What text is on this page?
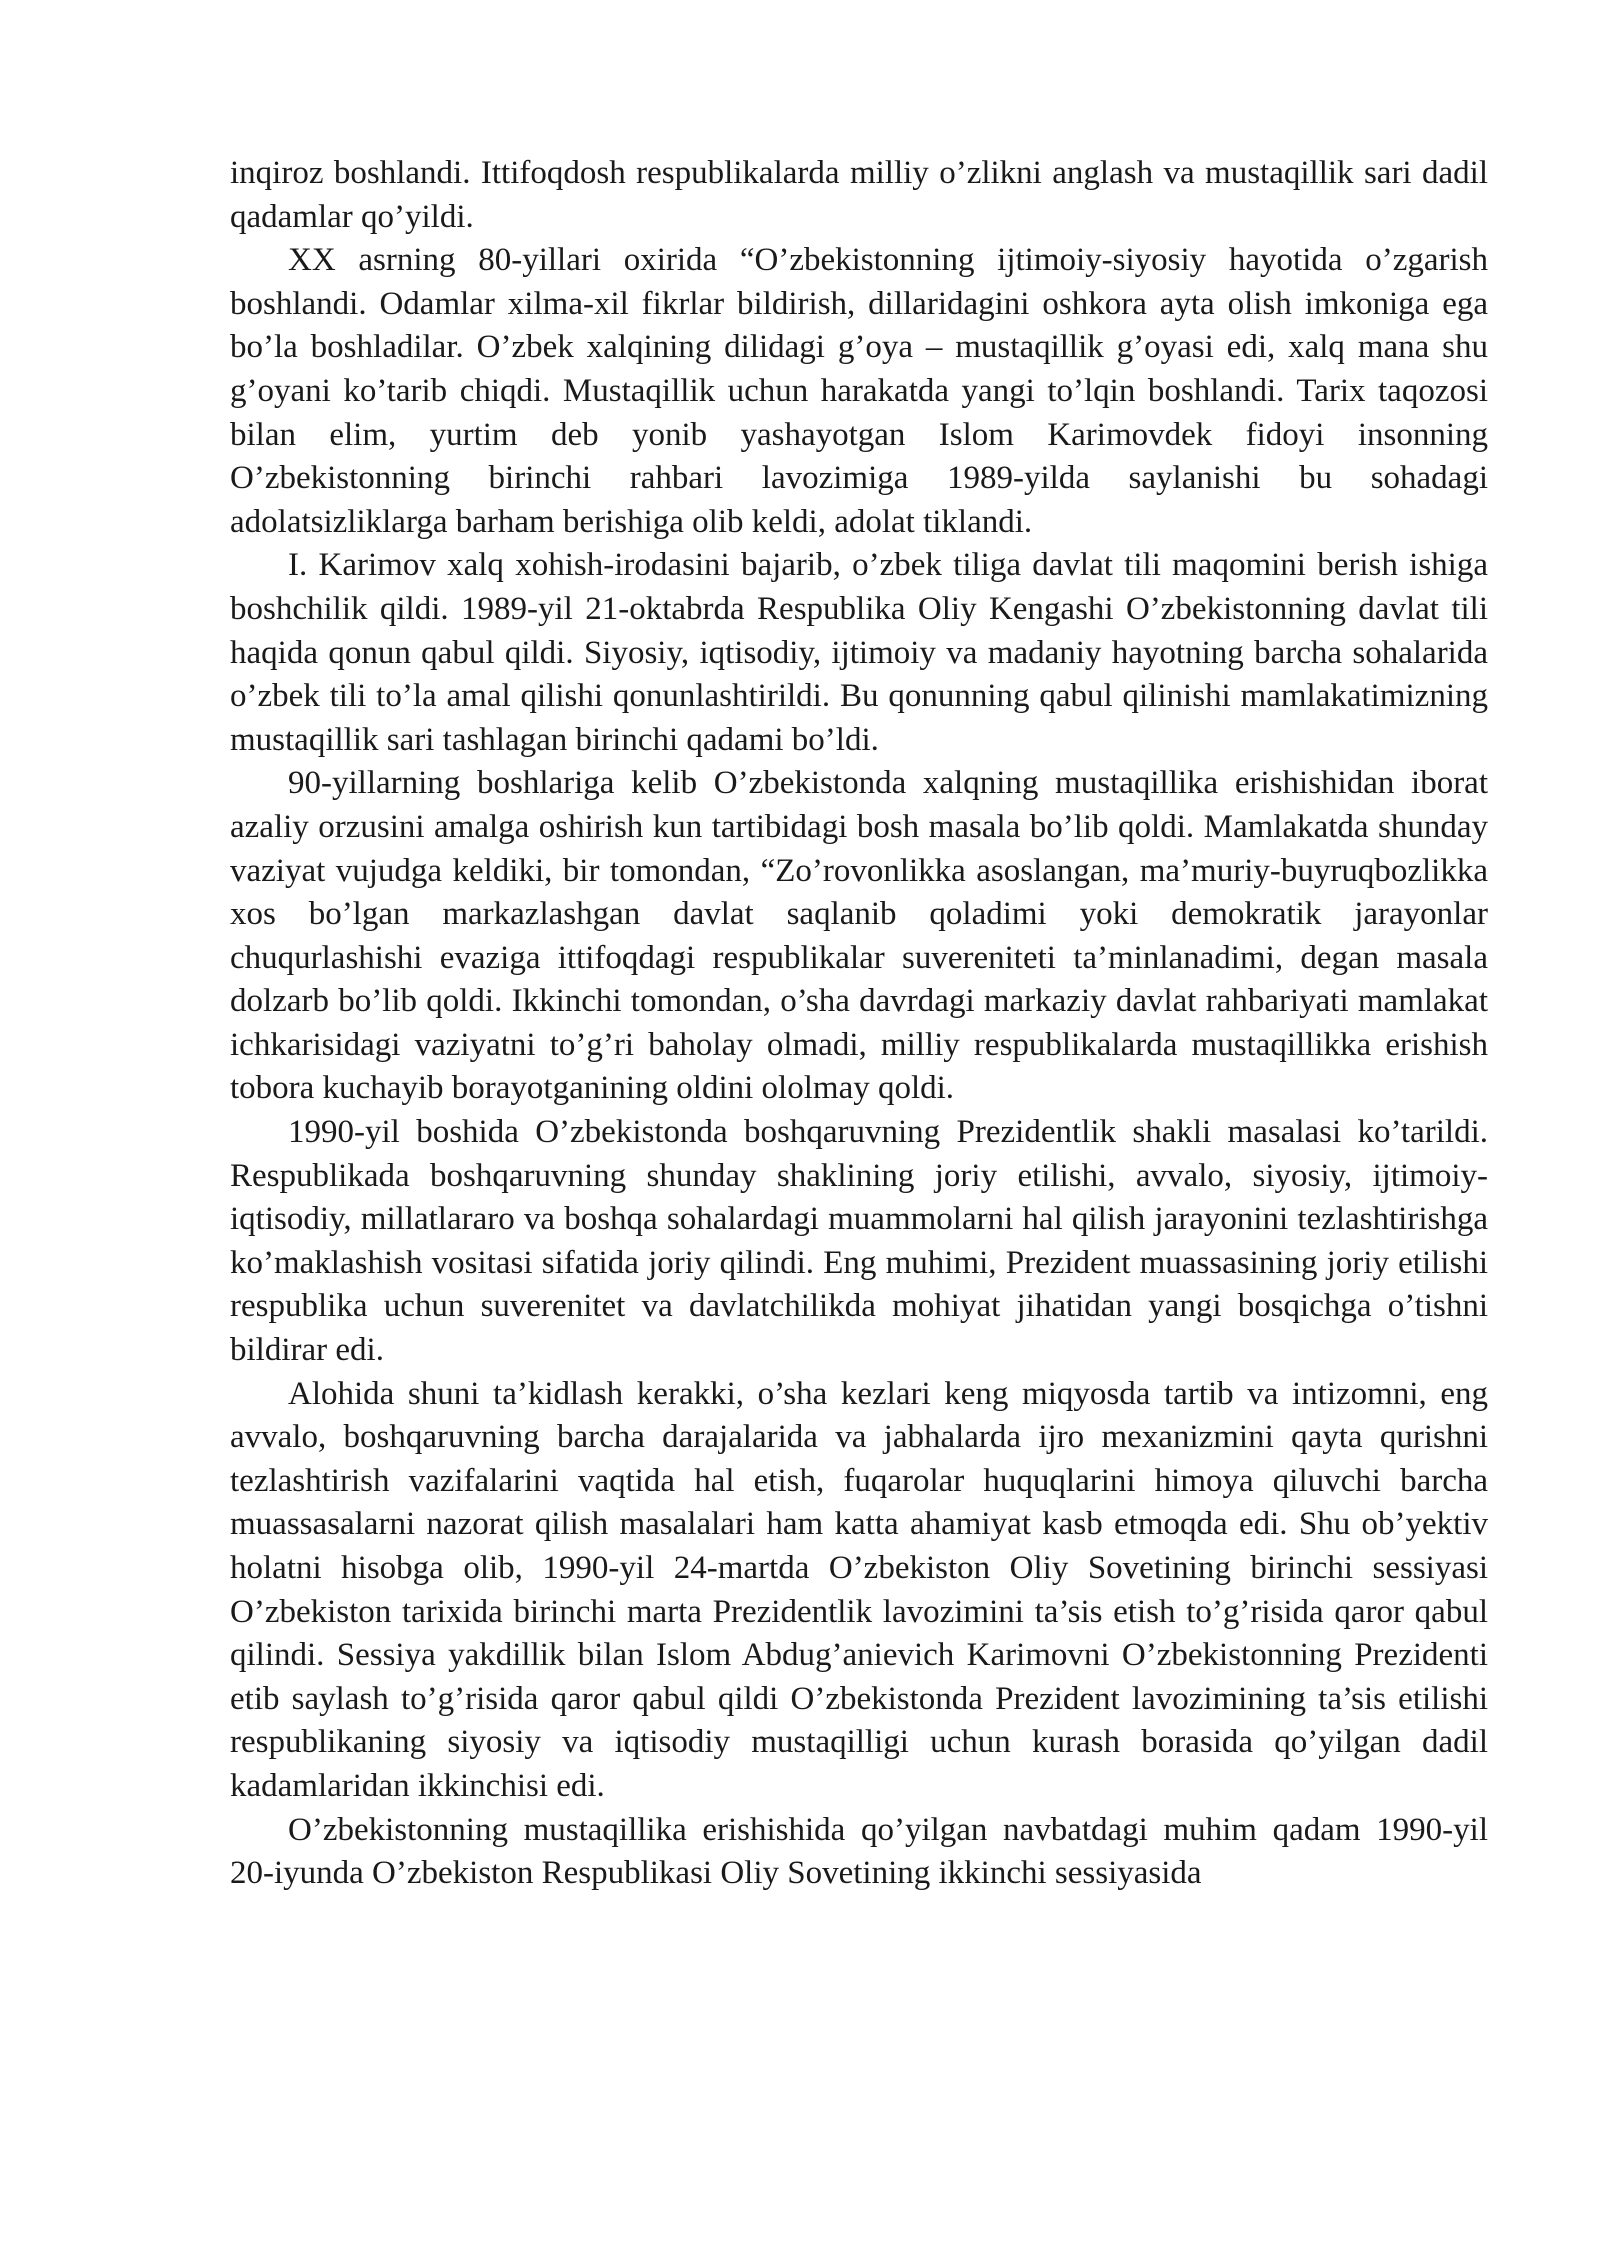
inqiroz boshlandi. Ittifoqdosh respublikalarda milliy o’zlikni anglash va mustaqillik sari dadil qadamlar qo’yildi.

XX asrning 80-yillari oxirida “O’zbekistonning ijtimoiy-siyosiy hayotida o’zgarish boshlandi. Odamlar xilma-xil fikrlar bildirish, dillaridagini oshkora ayta olish imkoniga ega bo’la boshladilar. O’zbek xalqining dilidagi g’oya – mustaqillik g’oyasi edi, xalq mana shu g’oyani ko’tarib chiqdi. Mustaqillik uchun harakatda yangi to’lqin boshlandi. Tarix taqozosi bilan elim, yurtim deb yonib yashayotgan Islom Karimovdek fidoyi insonning O’zbekistonning birinchi rahbari lavozimiga 1989-yilda saylanishi bu sohadagi adolatsizliklarga barham berishiga olib keldi, adolat tiklandi.

I. Karimov xalq xohish-irodasini bajarib, o’zbek tiliga davlat tili maqomini berish ishiga boshchilik qildi. 1989-yil 21-oktabrda Respublika Oliy Kengashi O’zbekistonning davlat tili haqida qonun qabul qildi. Siyosiy, iqtisodiy, ijtimoiy va madaniy hayotning barcha sohalarida o’zbek tili to’la amal qilishi qonunlashtirildi. Bu qonunning qabul qilinishi mamlakatimizning mustaqillik sari tashlagan birinchi qadami bo’ldi.

90-yillarning boshlariga kelib O’zbekistonda xalqning mustaqillika erishishidan iborat azaliy orzusini amalga oshirish kun tartibidagi bosh masala bo’lib qoldi. Mamlakatda shunday vaziyat vujudga keldiki, bir tomondan, “Zo’rovonlikka asoslangan, ma’muriy-buyruqbozlikka xos bo’lgan markazlashgan davlat saqlanib qoladimi yoki demokratik jarayonlar chuqurlashishi evaziga ittifoqdagi respublikalar suvereniteti ta’minlanadimi, degan masala dolzarb bo’lib qoldi. Ikkinchi tomondan, o’sha davrdagi markaziy davlat rahbariyati mamlakat ichkarisidagi vaziyatni to’g’ri baholay olmadi, milliy respublikalarda mustaqillikka erishish tobora kuchayib borayotganining oldini ololmay qoldi.

1990-yil boshida O’zbekistonda boshqaruvning Prezidentlik shakli masalasi ko’tarildi. Respublikada boshqaruvning shunday shaklining joriy etilishi, avvalo, siyosiy, ijtimoiy-iqtisodiy, millatlararo va boshqa sohalardagi muammolarni hal qilish jarayonini tezlashtirishga ko’maklashish vositasi sifatida joriy qilindi. Eng muhimi, Prezident muassasining joriy etilishi respublika uchun suverenitet va davlatchilikda mohiyat jihatidan yangi bosqichga o’tishni bildirar edi.

Alohida shuni ta’kidlash kerakki, o’sha kezlari keng miqyosda tartib va intizomni, eng avvalo, boshqaruvning barcha darajalarida va jabhalarda ijro mexanizmini qayta qurishni tezlashtirish vazifalarini vaqtida hal etish, fuqarolar huquqlarini himoya qiluvchi barcha muassasalarni nazorat qilish masalalari ham katta ahamiyat kasb etmoqda edi. Shu ob’yektiv holatni hisobga olib, 1990-yil 24-martda O’zbekiston Oliy Sovetining birinchi sessiyasi O’zbekiston tarixida birinchi marta Prezidentlik lavozimini ta’sis etish to’g’risida qaror qabul qilindi. Sessiya yakdillik bilan Islom Abdug’anievich Karimovni O’zbekistonning Prezidenti etib saylash to’g’risida qaror qabul qildi O’zbekistonda Prezident lavozimining ta’sis etilishi respublikaning siyosiy va iqtisodiy mustaqilligi uchun kurash borasida qo’yilgan dadil kadamlaridan ikkinchisi edi.

O’zbekistonning mustaqillika erishishida qo’yilgan navbatdagi muhim qadam 1990-yil 20-iyunda O’zbekiston Respublikasi Oliy Sovetining ikkinchi sessiyasida
